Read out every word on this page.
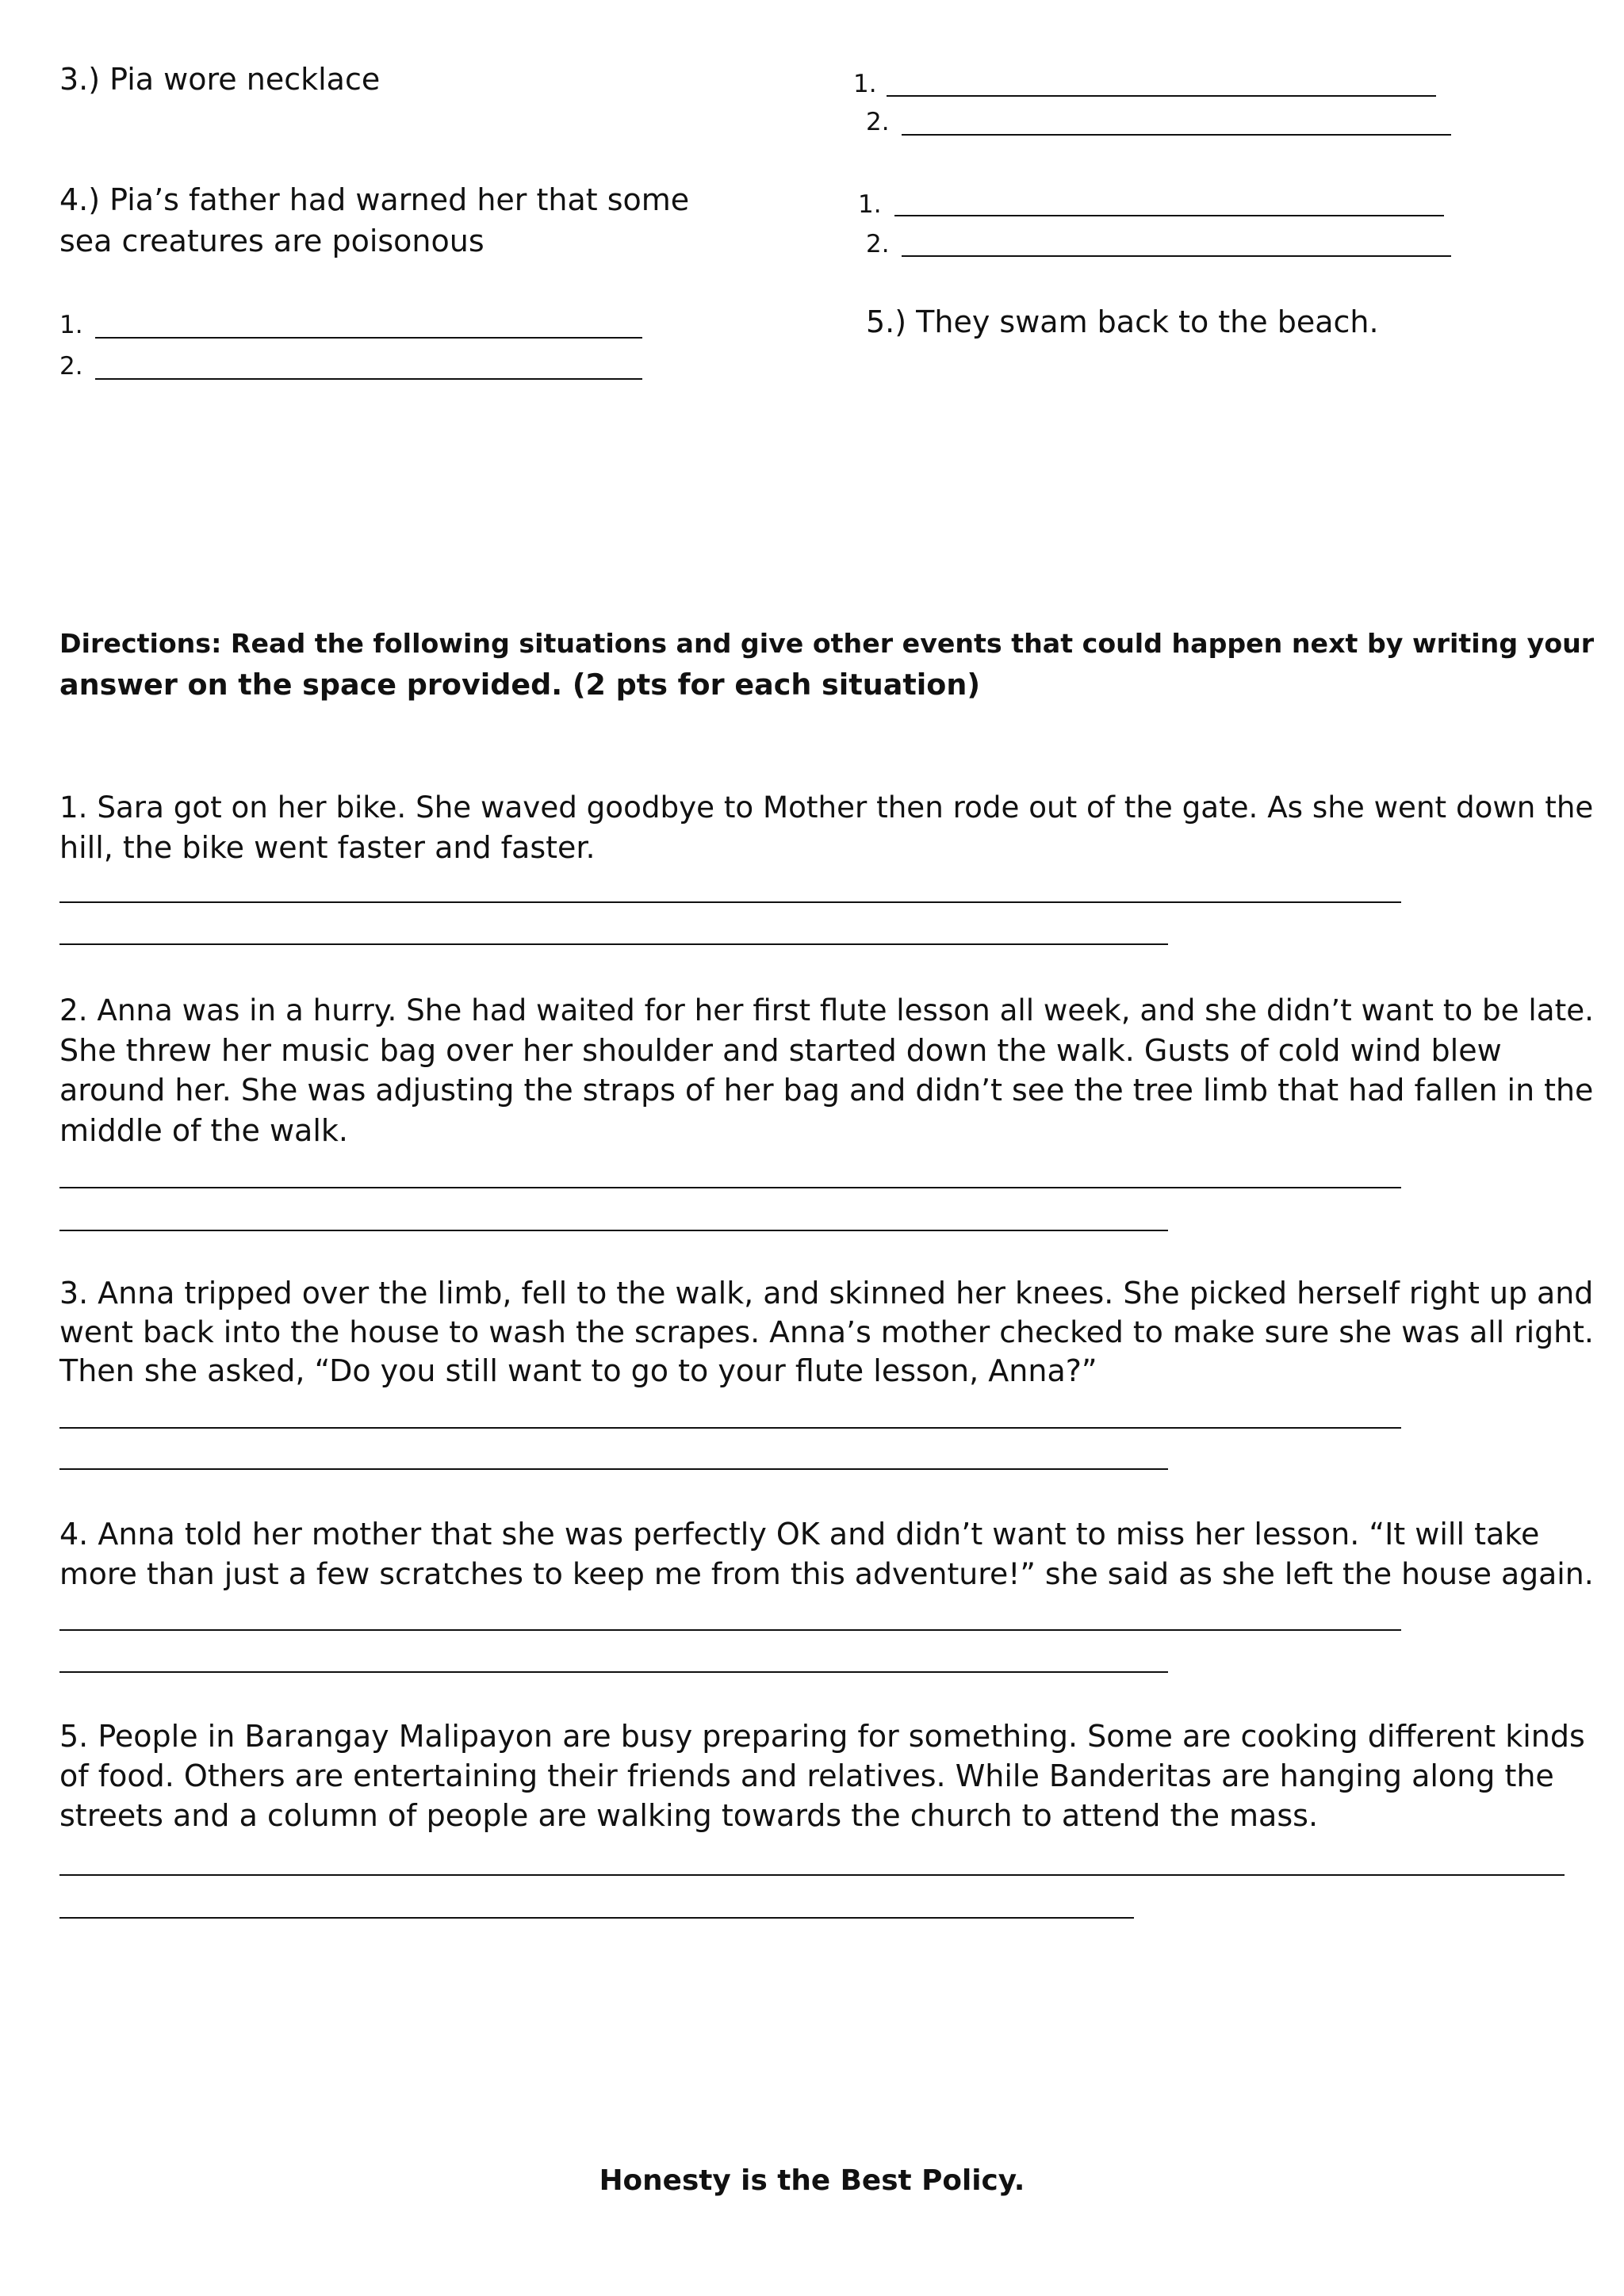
3.) Pia wore necklace	1.
2.
4.) Pia’s father had warned her that some
sea creatures are poisonous
1.
2.
1.
2.
5.) They swam back to the beach.
Directions: Read the following situations and give other events that could happen next by writing your
answer on the space provided. (2 pts for each situation)
1. Sara got on her bike. She waved goodbye to Mother then rode out of the gate. As she went down the
hill, the bike went faster and faster.
2. Anna was in a hurry. She had waited for her first flute lesson all week, and she didn’t want to be late.
She threw her music bag over her shoulder and started down the walk. Gusts of cold wind blew
around her. She was adjusting the straps of her bag and didn’t see the tree limb that had fallen in the
middle of the walk.
3. Anna tripped over the limb, fell to the walk, and skinned her knees. She picked herself right up and
went back into the house to wash the scrapes. Anna’s mother checked to make sure she was all right.
Then she asked, “Do you still want to go to your flute lesson, Anna?”
4. Anna told her mother that she was perfectly OK and didn’t want to miss her lesson. “It will take
more than just a few scratches to keep me from this adventure!” she said as she left the house again.
5. People in Barangay Malipayon are busy preparing for something. Some are cooking different kinds
of food. Others are entertaining their friends and relatives. While Banderitas are hanging along the
streets and a column of people are walking towards the church to attend the mass.
Honesty is the Best Policy.
